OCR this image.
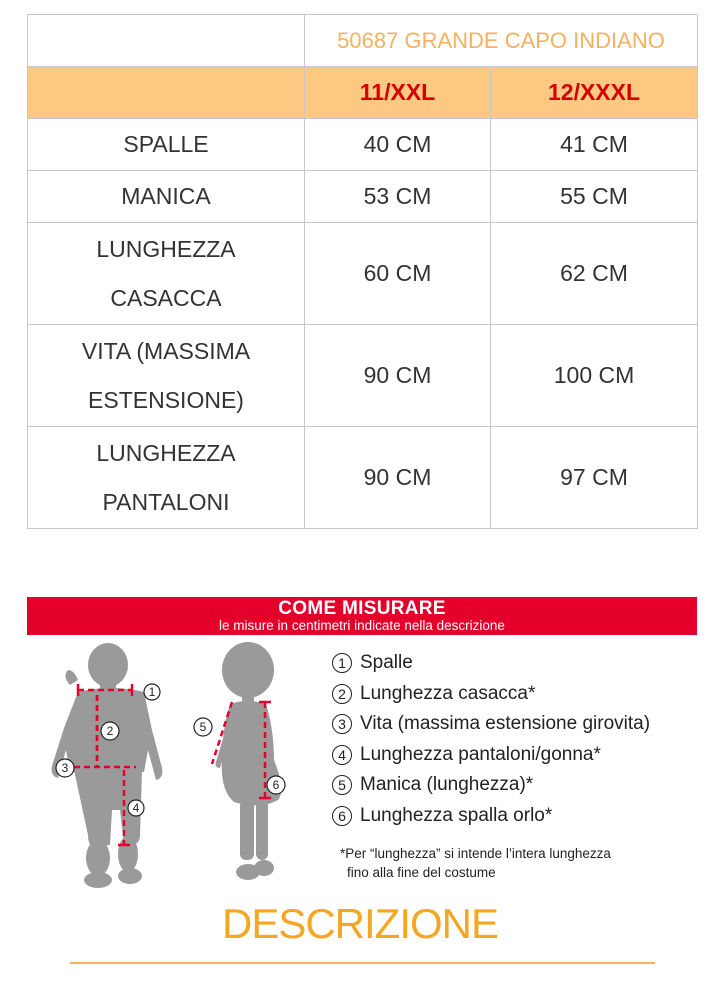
	50687 GRANDE CAPO INDIANO	
	11/XXL	12/XXXL
SPALLE	40 CM	41 CM
MANICA	53 CM	55 CM
LUNGHEZZA
CASACCA	60 CM	62 CM
VITA (MASSIMA
ESTENSIONE)	90 CM	100 CM
LUNGHEZZA
PANTALONI	90 CM	97 CM
COME MISURARE
le misure in centimetri indicate nella descrizione
1
2
3
4
5
6
1 Spalle
2 Lunghezza casacca*
3 Vita (massima estensione girovita)
4 Lunghezza pantaloni/gonna*
5 Manica (lunghezza)*
6 Lunghezza spalla orlo*
*Per “lunghezza” si intende l’intera lunghezza
fino alla fine del costume
DESCRIZIONE
